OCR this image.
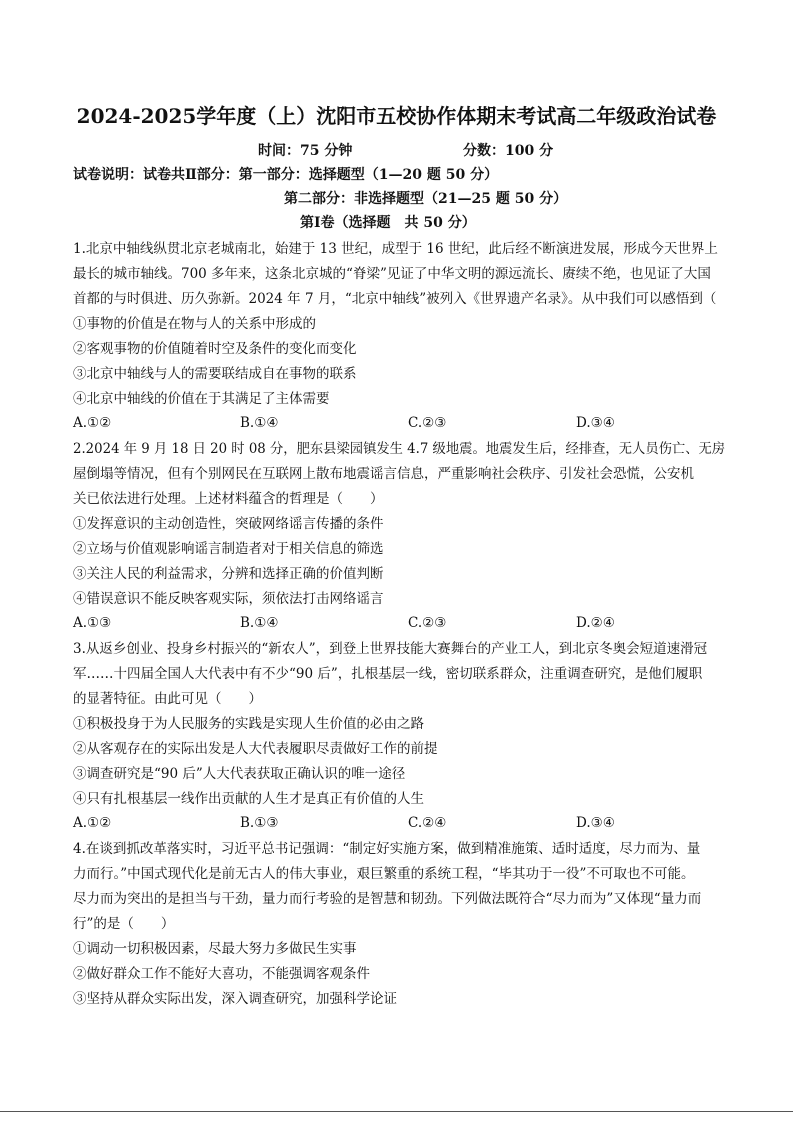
2024-2025学年度（上）沈阳市五校协作体期末考试高二年级政治试卷
时间：75 分钟	分数：100 分
试卷说明：试卷共Ⅱ部分：第一部分：选择题型（1—20 题 50 分）
第二部分：非选择题型（21—25 题 50 分）
第Ⅰ卷（选择题　共 50 分）
1.北京中轴线纵贯北京老城南北，始建于 13 世纪，成型于 16 世纪，此后经不断演进发展，形成今天世界上
最长的城市轴线。700 多年来，这条北京城的“脊梁”见证了中华文明的源远流长、赓续不绝，也见证了大国
首都的与时俱进、历久弥新。2024 年 7 月，“北京中轴线”被列入《世界遗产名录》。从中我们可以感悟到（
①事物的价值是在物与人的关系中形成的
②客观事物的价值随着时空及条件的变化而变化
③北京中轴线与人的需要联结成自在事物的联系
④北京中轴线的价值在于其满足了主体需要
A.①②	B.①④	C.②③	D.③④
2.2024 年 9 月 18 日 20 时 08 分，肥东县梁园镇发生 4.7 级地震。地震发生后，经排查，无人员伤亡、无房
屋倒塌等情况，但有个别网民在互联网上散布地震谣言信息，严重影响社会秩序、引发社会恐慌，公安机
关已依法进行处理。上述材料蕴含的哲理是（　　）
①发挥意识的主动创造性，突破网络谣言传播的条件
②立场与价值观影响谣言制造者对于相关信息的筛选
③关注人民的利益需求，分辨和选择正确的价值判断
④错误意识不能反映客观实际，须依法打击网络谣言
A.①③	B.①④	C.②③	D.②④
3.从返乡创业、投身乡村振兴的“新农人”，到登上世界技能大赛舞台的产业工人，到北京冬奥会短道速滑冠
军……十四届全国人大代表中有不少“90 后”，扎根基层一线，密切联系群众，注重调查研究，是他们履职
的显著特征。由此可见（　　）
①积极投身于为人民服务的实践是实现人生价值的必由之路
②从客观存在的实际出发是人大代表履职尽责做好工作的前提
③调查研究是“90 后”人大代表获取正确认识的唯一途径
④只有扎根基层一线作出贡献的人生才是真正有价值的人生
A.①②	B.①③	C.②④	D.③④
4.在谈到抓改革落实时，习近平总书记强调：“制定好实施方案，做到精准施策、适时适度，尽力而为、量
力而行。”中国式现代化是前无古人的伟大事业，艰巨繁重的系统工程，“毕其功于一役”不可取也不可能。
尽力而为突出的是担当与干劲，量力而行考验的是智慧和韧劲。下列做法既符合“尽力而为”又体现“量力而
行”的是（　　）
①调动一切积极因素，尽最大努力多做民生实事
②做好群众工作不能好大喜功，不能强调客观条件
③坚持从群众实际出发，深入调查研究，加强科学论证
